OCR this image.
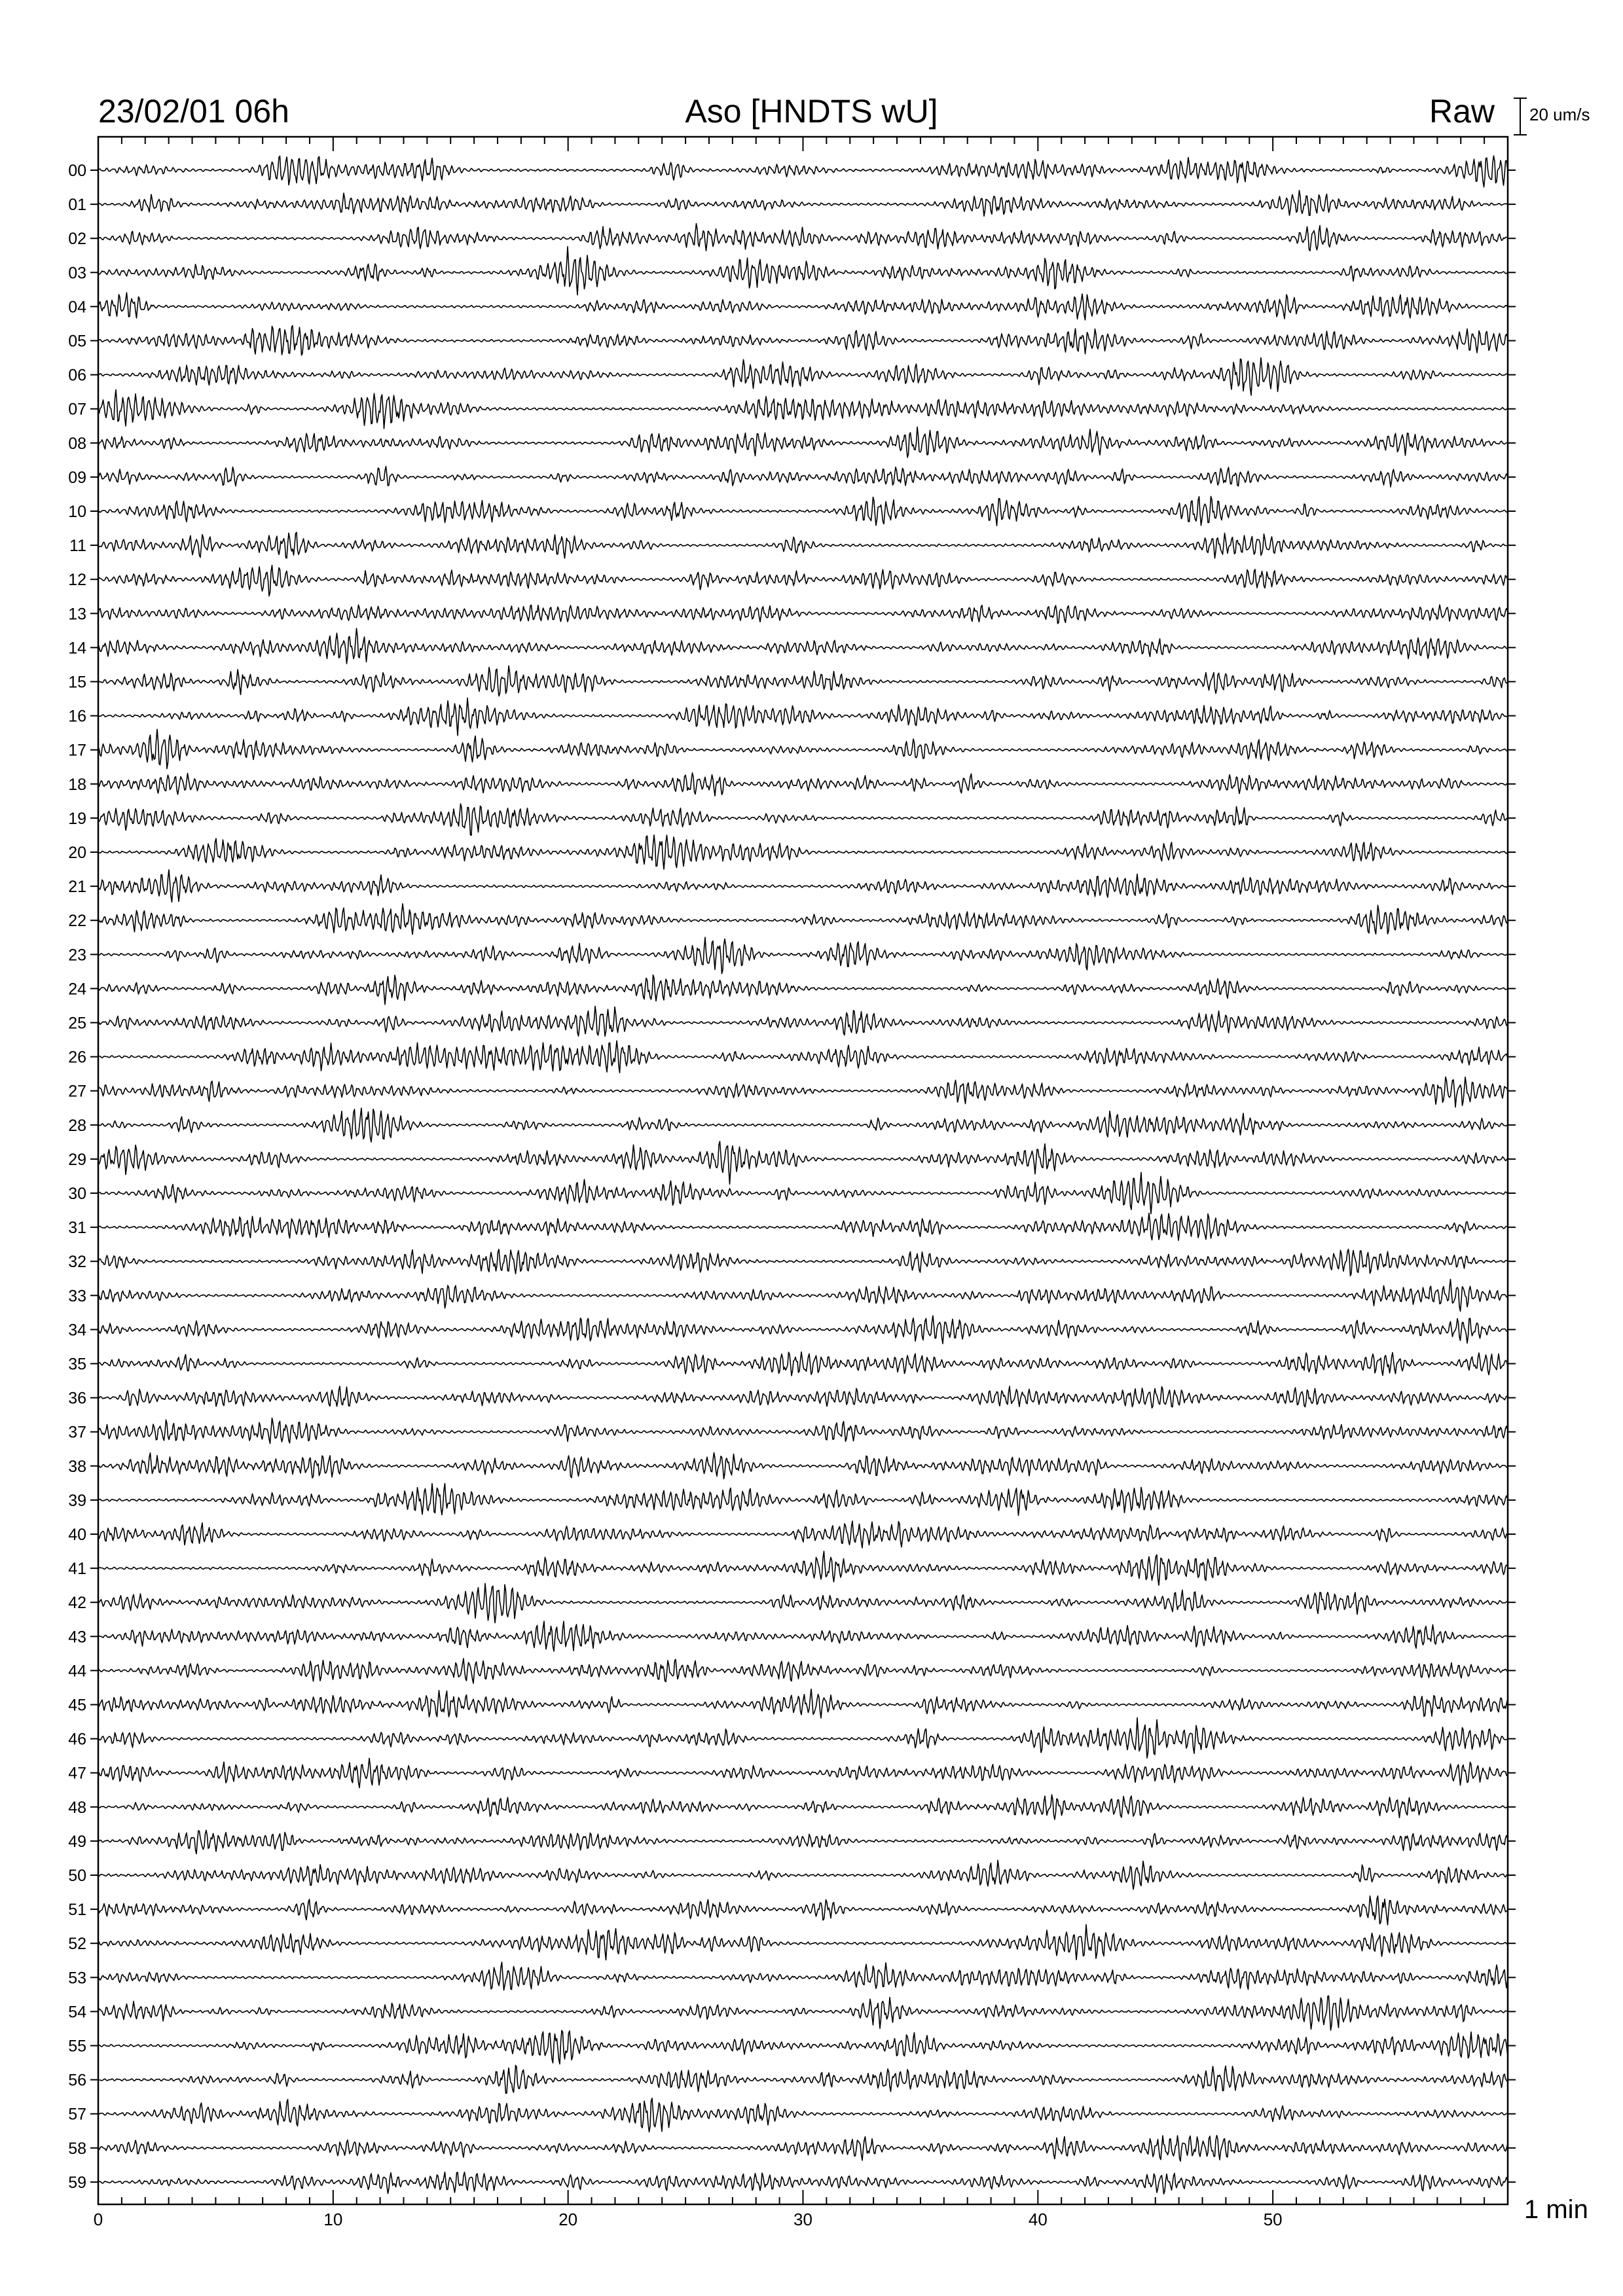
23/02/01 06h	Aso [HNDTS wU]	Raw 20 um/s
1 min
0	10	20	30	40	50
00
01
02
03
04
05
06
07
08
09
10
11
12
13
14
15
16
17
18
19
20
21
22
23
24
25
26
27
28
29
30
31
32
33
34
35
36
37
38
39
40
41
42
43
44
45
46
47
48
49
50
51
52
53
54
55
56
57
58
59
